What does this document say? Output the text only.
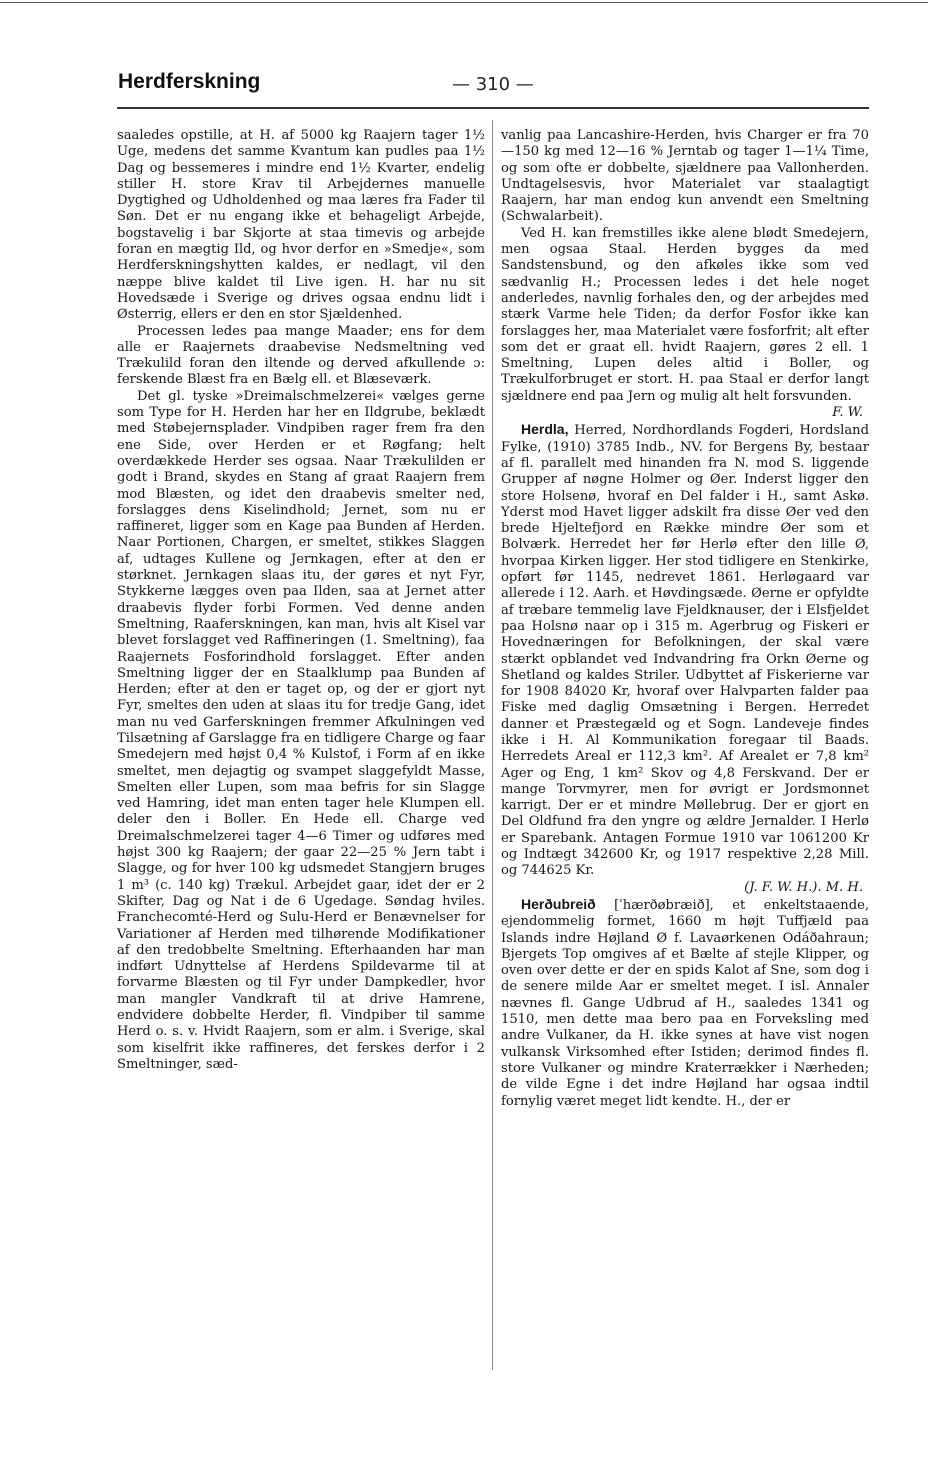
Herdferskning	— 310 —

saaledes opstille, at H. af 5000 kg Raajern tager 1½ Uge, medens det samme Kvantum kan pudles paa 1½ Dag og bessemeres i mindre end 1½ Kvarter, endelig stiller H. store Krav til Arbejdernes manuelle Dygtighed og Udholdenhed og maa læres fra Fader til Søn. Det er nu engang ikke et behageligt Arbejde, bogstavelig i bar Skjorte at staa timevis og arbejde foran en mægtig Ild, og hvor derfor en »Smedje«, som Herdferskningshytten kaldes, er nedlagt, vil den næppe blive kaldet til Live igen. H. har nu sit Hovedsæde i Sverige og drives ogsaa endnu lidt i Østerrig, ellers er den en stor Sjældenhed.

Processen ledes paa mange Maader; ens for dem alle er Raajernets draabevise Nedsmeltning ved Trækulild foran den iltende og derved afkullende ɔ: ferskende Blæst fra en Bælg ell. et Blæseværk.

Det gl. tyske »Dreimalschmelzerei« vælges gerne som Type for H. Herden har her en Ildgrube, beklædt med Støbejernsplader. Vindpiben rager frem fra den ene Side, over Herden er et Røgfang; helt overdækkede Herder ses ogsaa. Naar Trækulilden er godt i Brand, skydes en Stang af graat Raajern frem mod Blæsten, og idet den draabevis smelter ned, forslagges dens Kiselindhold; Jernet, som nu er raffineret, ligger som en Kage paa Bunden af Herden. Naar Portionen, Chargen, er smeltet, stikkes Slaggen af, udtages Kullene og Jernkagen, efter at den er størknet. Jernkagen slaas itu, der gøres et nyt Fyr, Stykkerne lægges oven paa Ilden, saa at Jernet atter draabevis flyder forbi Formen. Ved denne anden Smeltning, Raaferskningen, kan man, hvis alt Kisel var blevet forslagget ved Raffineringen (1. Smeltning), faa Raajernets Fosforindhold forslagget. Efter anden Smeltning ligger der en Staalklump paa Bunden af Herden; efter at den er taget op, og der er gjort nyt Fyr, smeltes den uden at slaas itu for tredje Gang, idet man nu ved Garferskningen fremmer Afkulningen ved Tilsætning af Garslagge fra en tidligere Charge og faar Smedejern med højst 0,4 % Kulstof, i Form af en ikke smeltet, men dejagtig og svampet slaggefyldt Masse, Smelten eller Lupen, som maa befris for sin Slagge ved Hamring, idet man enten tager hele Klumpen ell. deler den i Boller. En Hede ell. Charge ved Dreimalschmelzerei tager 4—6 Timer og udføres med højst 300 kg Raajern; der gaar 22—25 % Jern tabt i Slagge, og for hver 100 kg udsmedet Stangjern bruges 1 m³ (c. 140 kg) Trækul. Arbejdet gaar, idet der er 2 Skifter, Dag og Nat i de 6 Ugedage. Søndag hviles. Franchecomté-Herd og Sulu-Herd er Benævnelser for Variationer af Herden med tilhørende Modifikationer af den tredobbelte Smeltning. Efterhaanden har man indført Udnyttelse af Herdens Spildevarme til at forvarme Blæsten og til Fyr under Dampkedler, hvor man mangler Vandkraft til at drive Hamrene, endvidere dobbelte Herder, fl. Vindpiber til samme Herd o. s. v. Hvidt Raajern, som er alm. i Sverige, skal som kiselfrit ikke raffineres, det ferskes derfor i 2 Smeltninger, sæd-

vanlig paa Lancashire-Herden, hvis Charger er fra 70—150 kg med 12—16 % Jerntab og tager 1—1¼ Time, og som ofte er dobbelte, sjældnere paa Vallonherden. Undtagelsesvis, hvor Materialet var staalagtigt Raajern, har man endog kun anvendt een Smeltning (Schwalarbeit).

Ved H. kan fremstilles ikke alene blødt Smedejern, men ogsaa Staal. Herden bygges da med Sandstensbund, og den afkøles ikke som ved sædvanlig H.; Processen ledes i det hele noget anderledes, navnlig forhales den, og der arbejdes med stærk Varme hele Tiden; da derfor Fosfor ikke kan forslagges her, maa Materialet være fosforfrit; alt efter som det er graat ell. hvidt Raajern, gøres 2 ell. 1 Smeltning, Lupen deles altid i Boller, og Trækulforbruget er stort. H. paa Staal er derfor langt sjældnere end paa Jern og mulig alt helt forsvunden.
F. W.

Herdla, Herred, Nordhordlands Fogderi, Hordsland Fylke, (1910) 3785 Indb., NV. for Bergens By, bestaar af fl. parallelt med hinanden fra N. mod S. liggende Grupper af nøgne Holmer og Øer. Inderst ligger den store Holsenø, hvoraf en Del falder i H., samt Askø. Yderst mod Havet ligger adskilt fra disse Øer ved den brede Hjeltefjord en Række mindre Øer som et Bolværk. Herredet her før Herlø efter den lille Ø, hvorpaa Kirken ligger. Her stod tidligere en Stenkirke, opført før 1145, nedrevet 1861. Herløgaard var allerede i 12. Aarh. et Høvdingsæde. Øerne er opfyldte af træbare temmelig lave Fjeldknauser, der i Elsfjeldet paa Holsnø naar op i 315 m. Agerbrug og Fiskeri er Hovednæringen for Befolkningen, der skal være stærkt opblandet ved Indvandring fra Orkn Øerne og Shetland og kaldes Striler. Udbyttet af Fiskerierne var for 1908 84020 Kr, hvoraf over Halvparten falder paa Fiske med daglig Omsætning i Bergen. Herredet danner et Præstegæld og et Sogn. Landeveje findes ikke i H. Al Kommunikation foregaar til Baads. Herredets Areal er 112,3 km². Af Arealet er 7,8 km² Ager og Eng, 1 km² Skov og 4,8 Ferskvand. Der er mange Torvmyrer, men for øvrigt er Jordsmonnet karrigt. Der er et mindre Møllebrug. Der er gjort en Del Oldfund fra den yngre og ældre Jernalder. I Herlø er Sparebank. Antagen Formue 1910 var 1061200 Kr og Indtægt 342600 Kr, og 1917 respektive 2,28 Mill. og 744625 Kr.
(J. F. W. H.). M. H.

Herðubreið [ˈhærðøbræið], et enkeltstaaende, ejendommelig formet, 1660 m højt Tuffjæld paa Islands indre Højland Ø f. Lavaørkenen Odáðahraun; Bjergets Top omgives af et Bælte af stejle Klipper, og oven over dette er der en spids Kalot af Sne, som dog i de senere milde Aar er smeltet meget. I isl. Annaler nævnes fl. Gange Udbrud af H., saaledes 1341 og 1510, men dette maa bero paa en Forveksling med andre Vulkaner, da H. ikke synes at have vist nogen vulkansk Virksomhed efter Istiden; derimod findes fl. store Vulkaner og mindre Kraterrækker i Nærheden; de vilde Egne i det indre Højland har ogsaa indtil fornylig været meget lidt kendte. H., der er
